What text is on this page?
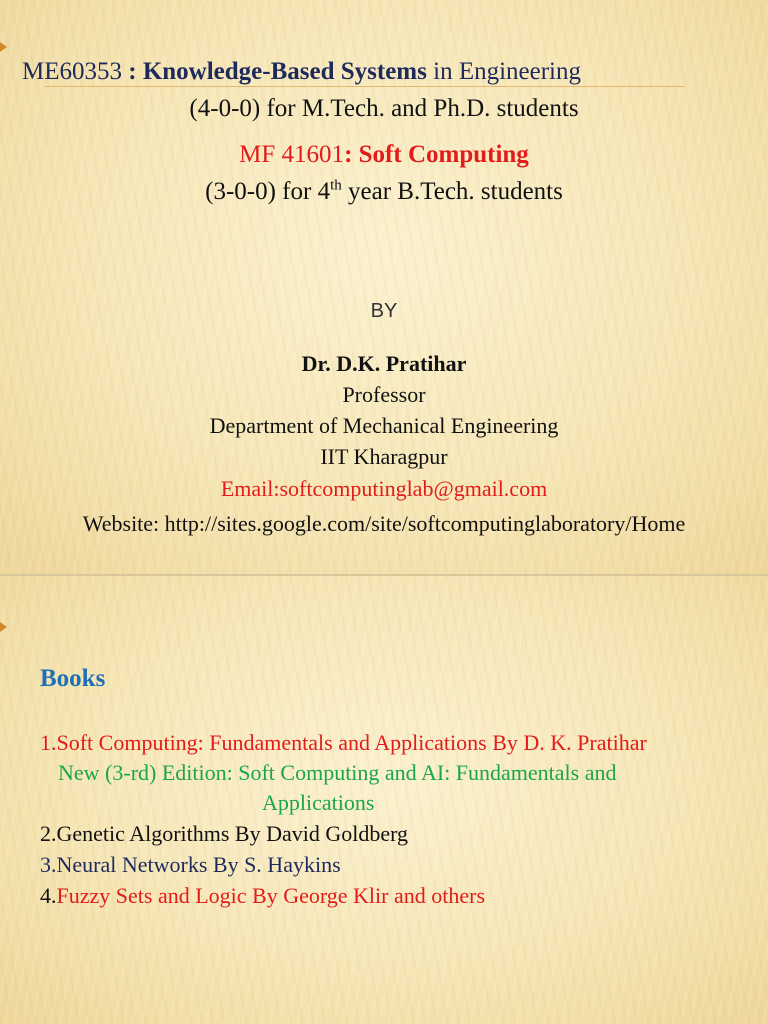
ME60353 : Knowledge-Based Systems in Engineering
(4-0-0) for M.Tech. and Ph.D. students
MF 41601: Soft Computing
(3-0-0) for 4th year B.Tech. students
BY
Dr. D.K. Pratihar
Professor
Department of Mechanical Engineering
IIT Kharagpur
Email:softcomputinglab@gmail.com
Website: http://sites.google.com/site/softcomputinglaboratory/Home
Books
1.Soft Computing: Fundamentals and Applications By D. K. Pratihar
New (3-rd) Edition: Soft Computing and AI: Fundamentals and
Applications
2.Genetic Algorithms By David Goldberg
3.Neural Networks By S. Haykins
4.Fuzzy Sets and Logic By George Klir and others
